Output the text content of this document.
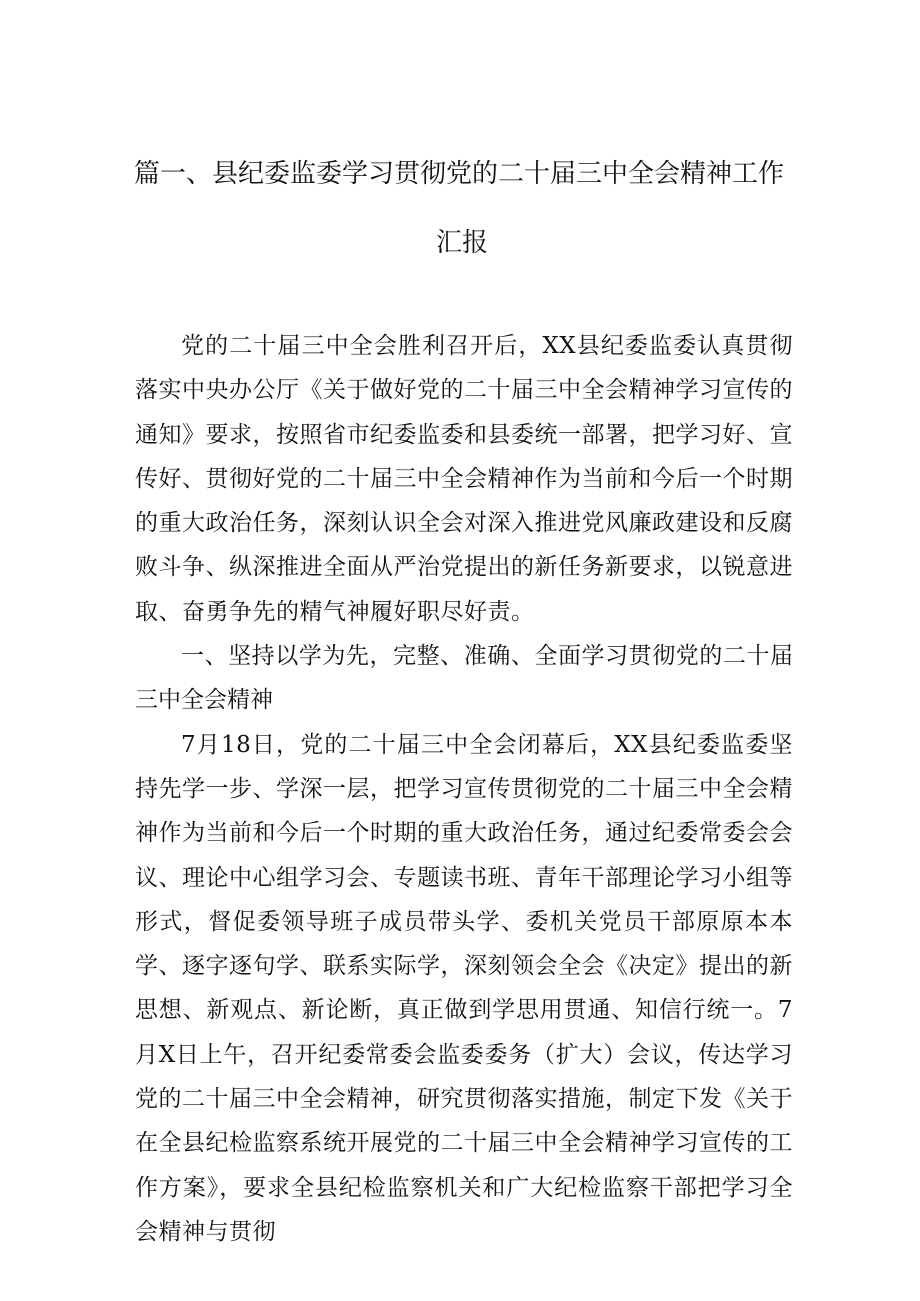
篇一、县纪委监委学习贯彻党的二十届三中全会精神工作
汇报

党的二十届三中全会胜利召开后，XX县纪委监委认真贯彻落实中央办公厅《关于做好党的二十届三中全会精神学习宣传的通知》要求，按照省市纪委监委和县委统一部署，把学习好、宣传好、贯彻好党的二十届三中全会精神作为当前和今后一个时期的重大政治任务，深刻认识全会对深入推进党风廉政建设和反腐败斗争、纵深推进全面从严治党提出的新任务新要求，以锐意进取、奋勇争先的精气神履好职尽好责。

一、坚持以学为先，完整、准确、全面学习贯彻党的二十届三中全会精神

7月18日，党的二十届三中全会闭幕后，XX县纪委监委坚持先学一步、学深一层，把学习宣传贯彻党的二十届三中全会精神作为当前和今后一个时期的重大政治任务，通过纪委常委会会议、理论中心组学习会、专题读书班、青年干部理论学习小组等形式，督促委领导班子成员带头学、委机关党员干部原原本本学、逐字逐句学、联系实际学，深刻领会全会《决定》提出的新思想、新观点、新论断，真正做到学思用贯通、知信行统一。7月X日上午，召开纪委常委会监委委务（扩大）会议，传达学习党的二十届三中全会精神，研究贯彻落实措施，制定下发《关于在全县纪检监察系统开展党的二十届三中全会精神学习宣传的工作方案》，要求全县纪检监察机关和广大纪检监察干部把学习全会精神与贯彻
